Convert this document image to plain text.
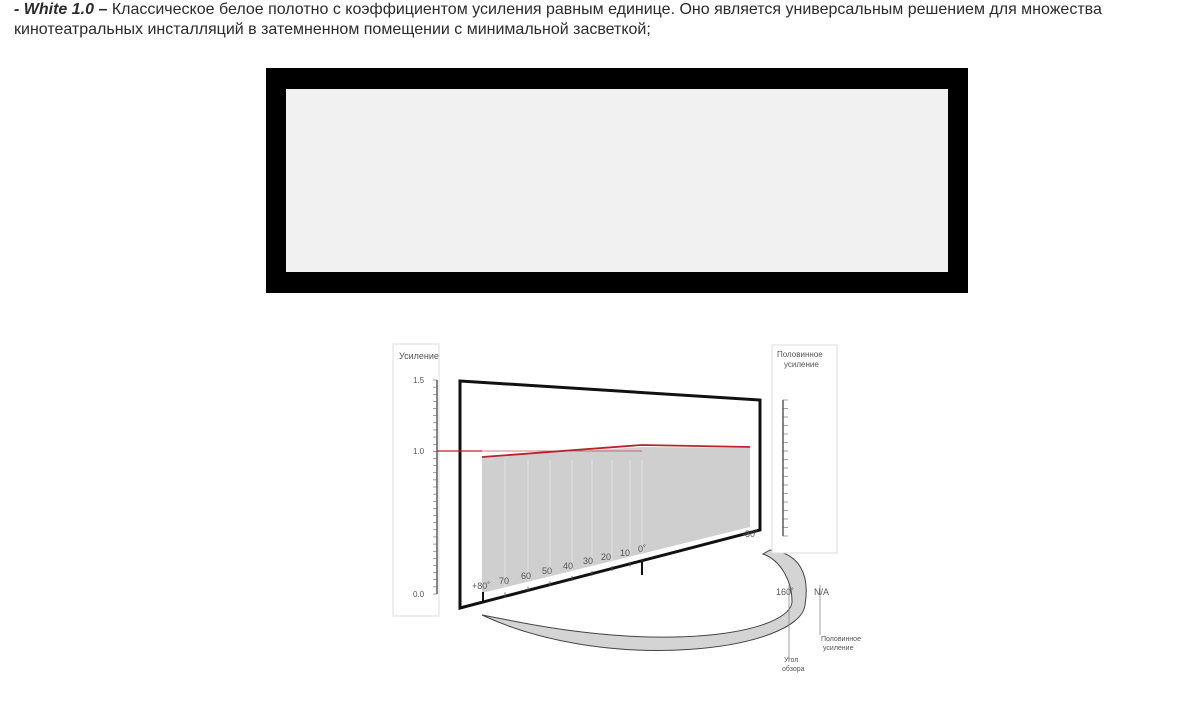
- White 1.0 – Классическое белое полотно с коэффициентом усиления равным единице. Оно является универсальным решением для множества кинотеатральных инсталляций в затемненном помещении с минимальной засветкой;
Усиление
1.5
1.0
0.0
+80˚ 70 60 50 40 30 20 10 0˚
-80˚
160˚ N/A
Угол
обзора
Половинное
усиление
Половинное
усиление
